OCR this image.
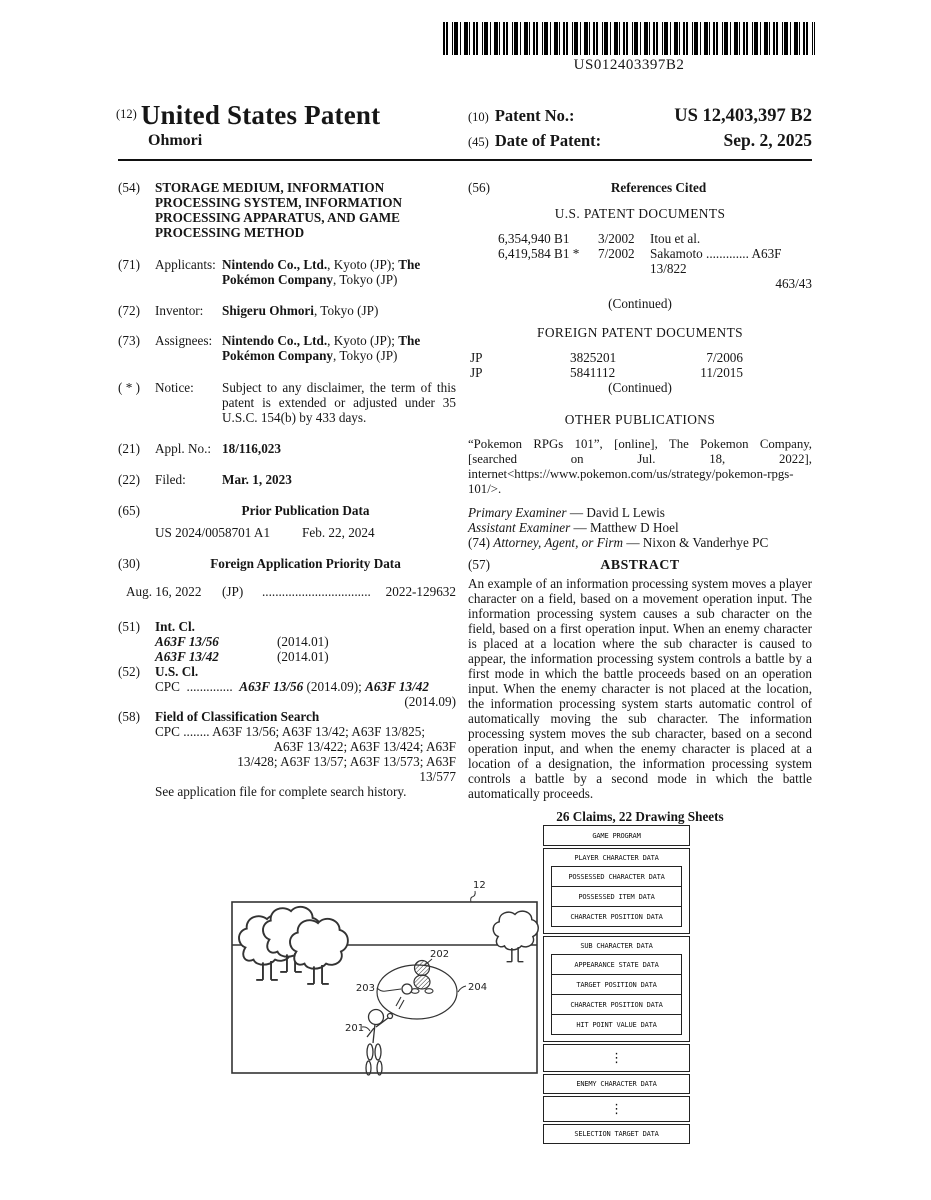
US012403397B2
$^{(12)}$ United States Patent
Ohmori
(10) Patent No.:	US 12,403,397 B2
(45) Date of Patent:	Sep. 2, 2025
(54)	STORAGE MEDIUM, INFORMATION
PROCESSING SYSTEM, INFORMATION
PROCESSING APPARATUS, AND GAME
PROCESSING METHOD
(71)	Applicants: Nintendo Co., Ltd., Kyoto (JP); The Pokémon Company, Tokyo (JP)
(72)	Inventor:	Shigeru Ohmori, Tokyo (JP)
(73)	Assignees: Nintendo Co., Ltd., Kyoto (JP); The Pokémon Company, Tokyo (JP)
( * )	Notice:	Subject to any disclaimer, the term of this patent is extended or adjusted under 35 U.S.C. 154(b) by 433 days.
(21)	Appl. No.: 18/116,023
(22)	Filed:	Mar. 1, 2023
(65)	Prior Publication Data
US 2024/0058701 A1 Feb. 22, 2024
(30)	Foreign Application Priority Data
Aug. 16, 2022	(JP)	.................................	2022-129632
(51)	Int. Cl.
A63F 13/56	(2014.01)
A63F 13/42	(2014.01)
(52)	U.S. Cl.
CPC  ..............  A63F 13/56 (2014.09); A63F 13/42
(2014.09)
(58)	Field of Classification Search
CPC ........ A63F 13/56; A63F 13/42; A63F 13/825;
A63F 13/422; A63F 13/424; A63F
13/428; A63F 13/57; A63F 13/573; A63F
13/577
See application file for complete search history.
(56)	References Cited
U.S. PATENT DOCUMENTS
6,354,940 B1	3/2002	Itou et al.
6,419,584 B1 *	7/2002	Sakamoto ............. A63F 13/822
463/43
(Continued)
FOREIGN PATENT DOCUMENTS
JP	3825201	7/2006
JP	5841112	11/2015
(Continued)
OTHER PUBLICATIONS
“Pokemon RPGs 101”, [online], The Pokemon Company, [searched on Jul. 18, 2022], internet<https://www.pokemon.com/us/strategy/pokemon-rpgs-101/>.
Primary Examiner — David L Lewis
Assistant Examiner — Matthew D Hoel
(74) Attorney, Agent, or Firm — Nixon & Vanderhye PC
(57)	ABSTRACT
An example of an information processing system moves a player character on a field, based on a movement operation input. The information processing system causes a sub character on the field, based on a first operation input. When an enemy character is placed at a location where the sub character is caused to appear, the information processing system controls a battle by a first mode in which the battle proceeds based on an operation input. When the enemy character is not placed at the location, the information processing system starts automatic control of automatically moving the sub character. The information processing system moves the sub character, based on a second operation input, and when the enemy character is placed at a location of a designation, the information processing system controls a battle by a second mode in which the battle automatically proceeds.
26 Claims, 22 Drawing Sheets
12
202
203	204
201
GAME PROGRAM
PLAYER CHARACTER DATA
POSSESSED CHARACTER DATA
POSSESSED ITEM DATA
CHARACTER POSITION DATA
SUB CHARACTER DATA
APPEARANCE STATE DATA
TARGET POSITION DATA
CHARACTER POSITION DATA
HIT POINT VALUE DATA
⋮
ENEMY CHARACTER DATA
⋮
SELECTION TARGET DATA
